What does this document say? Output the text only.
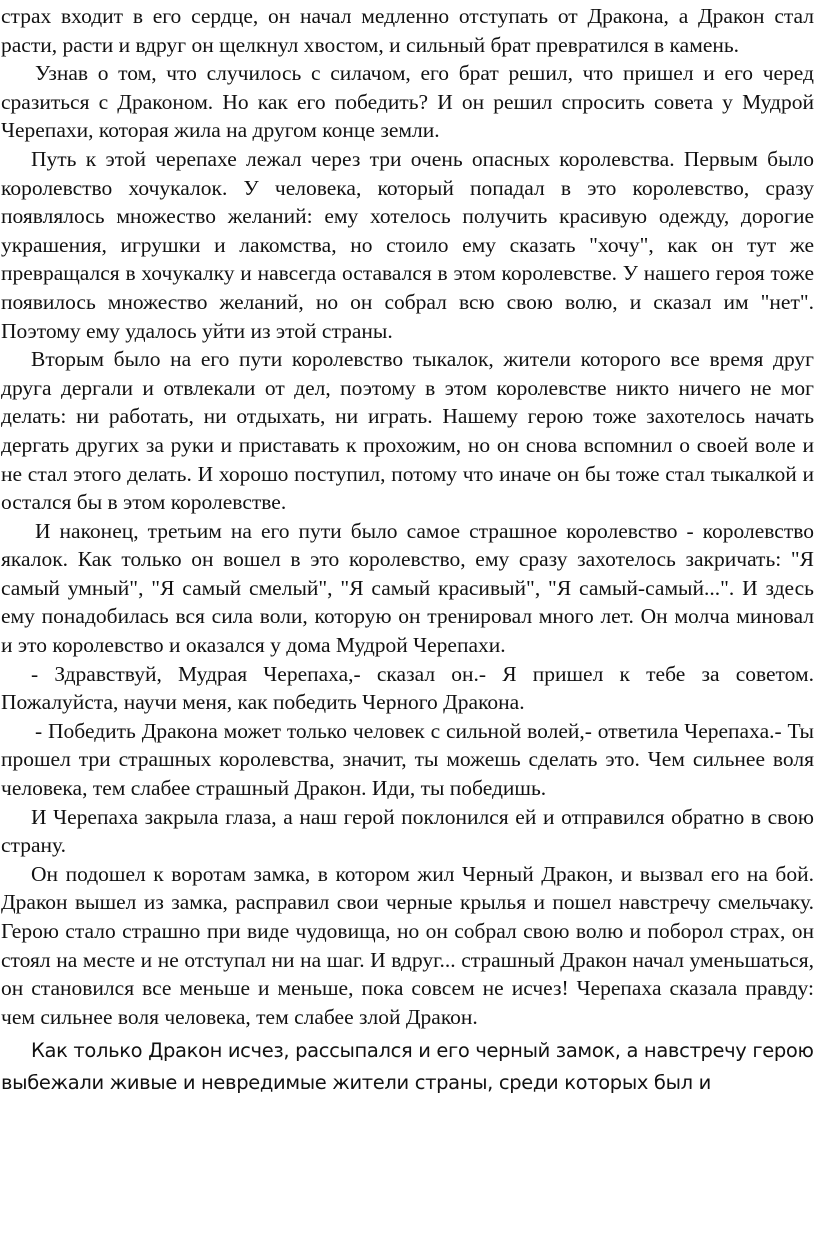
страх входит в его сердце, он начал медленно отступать от Дракона, а Дракон стал расти, расти и вдруг он щелкнул хвостом, и сильный брат превратился в камень.

Узнав о том, что случилось с силачом, его брат решил, что пришел и его черед сразиться с Драконом. Но как его победить? И он решил спросить совета у Мудрой Черепахи, которая жила на другом конце земли.

Путь к этой черепахе лежал через три очень опасных королевства. Первым было королевство хочукалок. У человека, который попадал в это королевство, сразу появлялось множество желаний: ему хотелось получить красивую одежду, дорогие украшения, игрушки и лакомства, но стоило ему сказать "хочу", как он тут же превращался в хочукалку и навсегда оставался в этом королевстве. У нашего героя тоже появилось множество желаний, но он собрал всю свою волю, и сказал им "нет". Поэтому ему удалось уйти из этой страны.

Вторым было на его пути королевство тыкалок, жители которого все время друг друга дергали и отвлекали от дел, поэтому в этом королевстве никто ничего не мог делать: ни работать, ни отдыхать, ни играть. Нашему герою тоже захотелось начать дергать других за руки и приставать к прохожим, но он снова вспомнил о своей воле и не стал этого делать. И хорошо поступил, потому что иначе он бы тоже стал тыкалкой и остался бы в этом королевстве.

И наконец, третьим на его пути было самое страшное королевство - королевство якалок. Как только он вошел в это королевство, ему сразу захотелось закричать: "Я самый умный", "Я самый смелый", "Я самый красивый", "Я самый-самый...". И здесь ему понадобилась вся сила воли, которую он тренировал много лет. Он молча миновал и это королевство и оказался у дома Мудрой Черепахи.

- Здравствуй, Мудрая Черепаха,- сказал он.- Я пришел к тебе за советом. Пожалуйста, научи меня, как победить Черного Дракона.

- Победить Дракона может только человек с сильной волей,- ответила Черепаха.- Ты прошел три страшных королевства, значит, ты можешь сделать это. Чем сильнее воля человека, тем слабее страшный Дракон. Иди, ты победишь.

И Черепаха закрыла глаза, а наш герой поклонился ей и отправился обратно в свою страну.

Он подошел к воротам замка, в котором жил Черный Дракон, и вызвал его на бой. Дракон вышел из замка, расправил свои черные крылья и пошел навстречу смельчаку. Герою стало страшно при виде чудовища, но он собрал свою волю и поборол страх, он стоял на месте и не отступал ни на шаг. И вдруг... страшный Дракон начал уменьшаться, он становился все меньше и меньше, пока совсем не исчез! Черепаха сказала правду: чем сильнее воля человека, тем слабее злой Дракон.

Как только Дракон исчез, рассыпался и его черный замок, а навстречу герою выбежали живые и невредимые жители страны, среди которых был и
